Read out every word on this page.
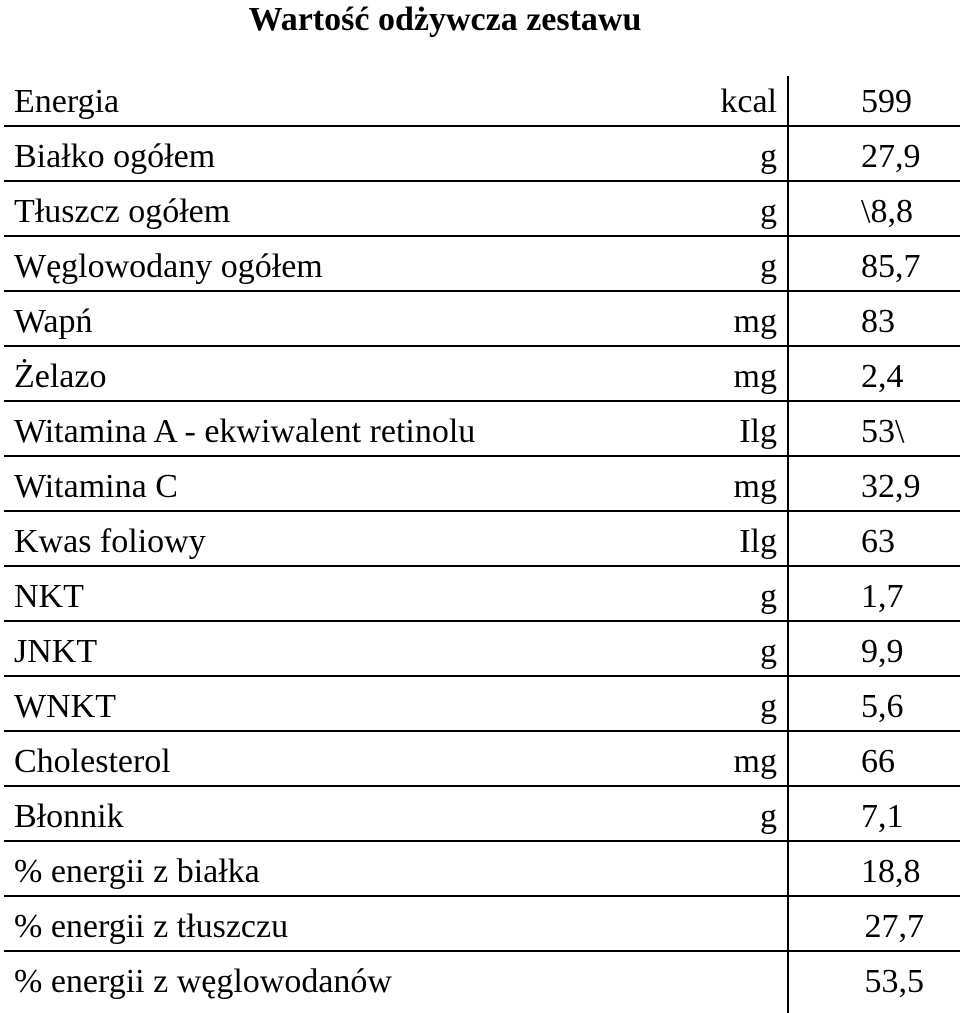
Wartość odżywcza zestawu
Energia	kcal 599
Białko ogółem	g 27,9
Tłuszcz ogółem	g \8,8
Węglowodany ogółem	g 85,7
Wapń	mg 83
Żelazo	mg 2,4
Witamina A - ekwiwalent retinolu	Ilg 53\
Witamina C	mg 32,9
Kwas foliowy	Ilg 63
NKT	g 1,7
JNKT	g 9,9
WNKT	g 5,6
Cholesterol	mg 66
Błonnik	g 7,1
% energii z białka	18,8
% energii z tłuszczu	27,7
% energii z węglowodanów	53,5
